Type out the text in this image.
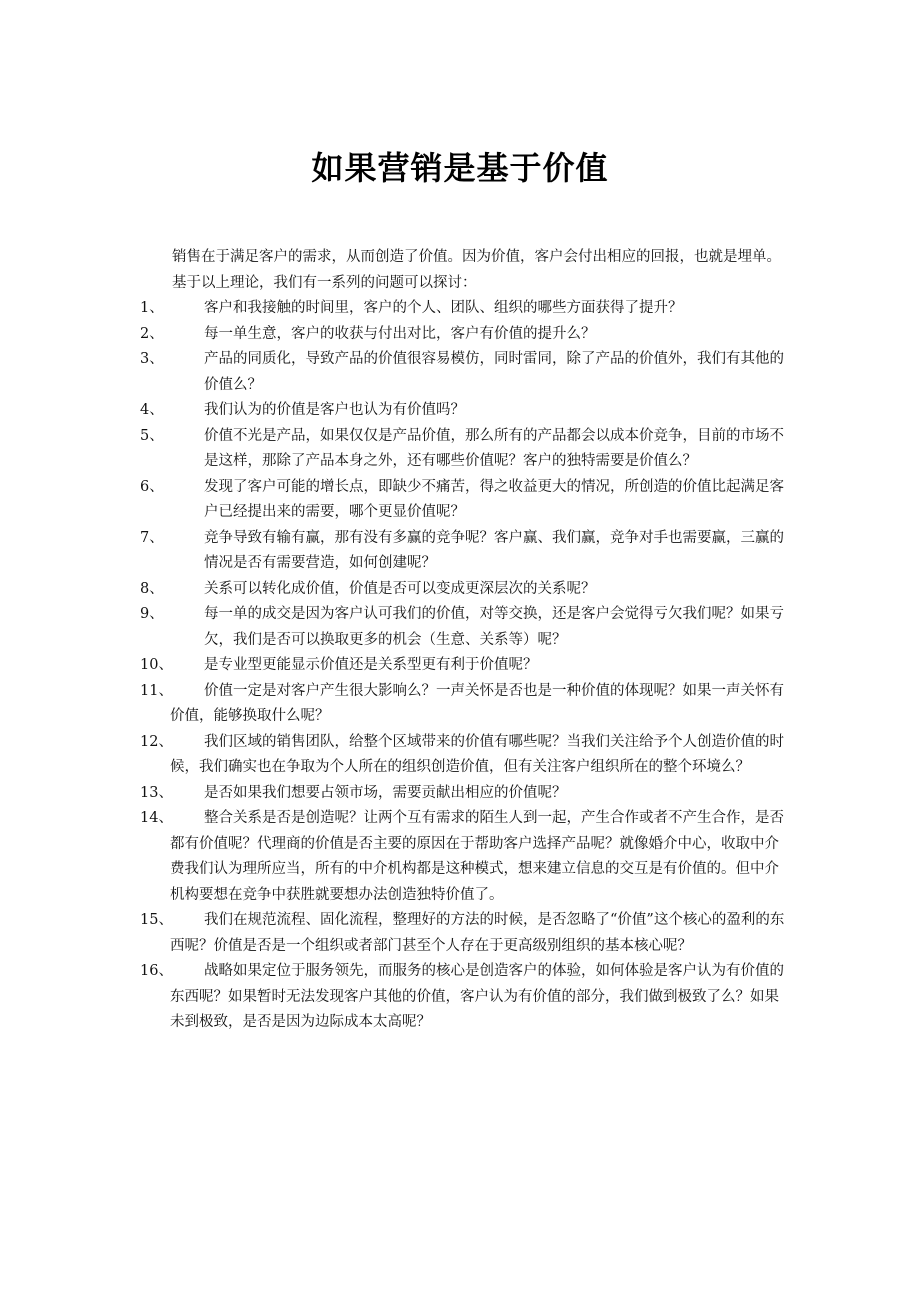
如果营销是基于价值

销售在于满足客户的需求，从而创造了价值。因为价值，客户会付出相应的回报，也就是埋单。

基于以上理论，我们有一系列的问题可以探讨：

1、	客户和我接触的时间里，客户的个人、团队、组织的哪些方面获得了提升？
2、	每一单生意，客户的收获与付出对比，客户有价值的提升么？
3、	产品的同质化，导致产品的价值很容易模仿，同时雷同，除了产品的价值外，我们有其他的价值么？
4、	我们认为的价值是客户也认为有价值吗？
5、	价值不光是产品，如果仅仅是产品价值，那么所有的产品都会以成本价竞争，目前的市场不是这样，那除了产品本身之外，还有哪些价值呢？客户的独特需要是价值么？
6、	发现了客户可能的增长点，即缺少不痛苦，得之收益更大的情况，所创造的价值比起满足客户已经提出来的需要，哪个更显价值呢？
7、	竞争导致有输有赢，那有没有多赢的竞争呢？客户赢、我们赢，竞争对手也需要赢，三赢的情况是否有需要营造，如何创建呢？
8、	关系可以转化成价值，价值是否可以变成更深层次的关系呢？
9、	每一单的成交是因为客户认可我们的价值，对等交换，还是客户会觉得亏欠我们呢？如果亏欠，我们是否可以换取更多的机会（生意、关系等）呢？
10、	是专业型更能显示价值还是关系型更有利于价值呢？
11、	价值一定是对客户产生很大影响么？一声关怀是否也是一种价值的体现呢？如果一声关怀有价值，能够换取什么呢？
12、	我们区域的销售团队，给整个区域带来的价值有哪些呢？当我们关注给予个人创造价值的时候，我们确实也在争取为个人所在的组织创造价值，但有关注客户组织所在的整个环境么？
13、	是否如果我们想要占领市场，需要贡献出相应的价值呢？
14、	整合关系是否是创造呢？让两个互有需求的陌生人到一起，产生合作或者不产生合作，是否都有价值呢？代理商的价值是否主要的原因在于帮助客户选择产品呢？就像婚介中心，收取中介费我们认为理所应当，所有的中介机构都是这种模式，想来建立信息的交互是有价值的。但中介机构要想在竞争中获胜就要想办法创造独特价值了。
15、	我们在规范流程、固化流程，整理好的方法的时候，是否忽略了“价值”这个核心的盈利的东西呢？价值是否是一个组织或者部门甚至个人存在于更高级别组织的基本核心呢？
16、	战略如果定位于服务领先，而服务的核心是创造客户的体验，如何体验是客户认为有价值的东西呢？如果暂时无法发现客户其他的价值，客户认为有价值的部分，我们做到极致了么？如果未到极致，是否是因为边际成本太高呢？
